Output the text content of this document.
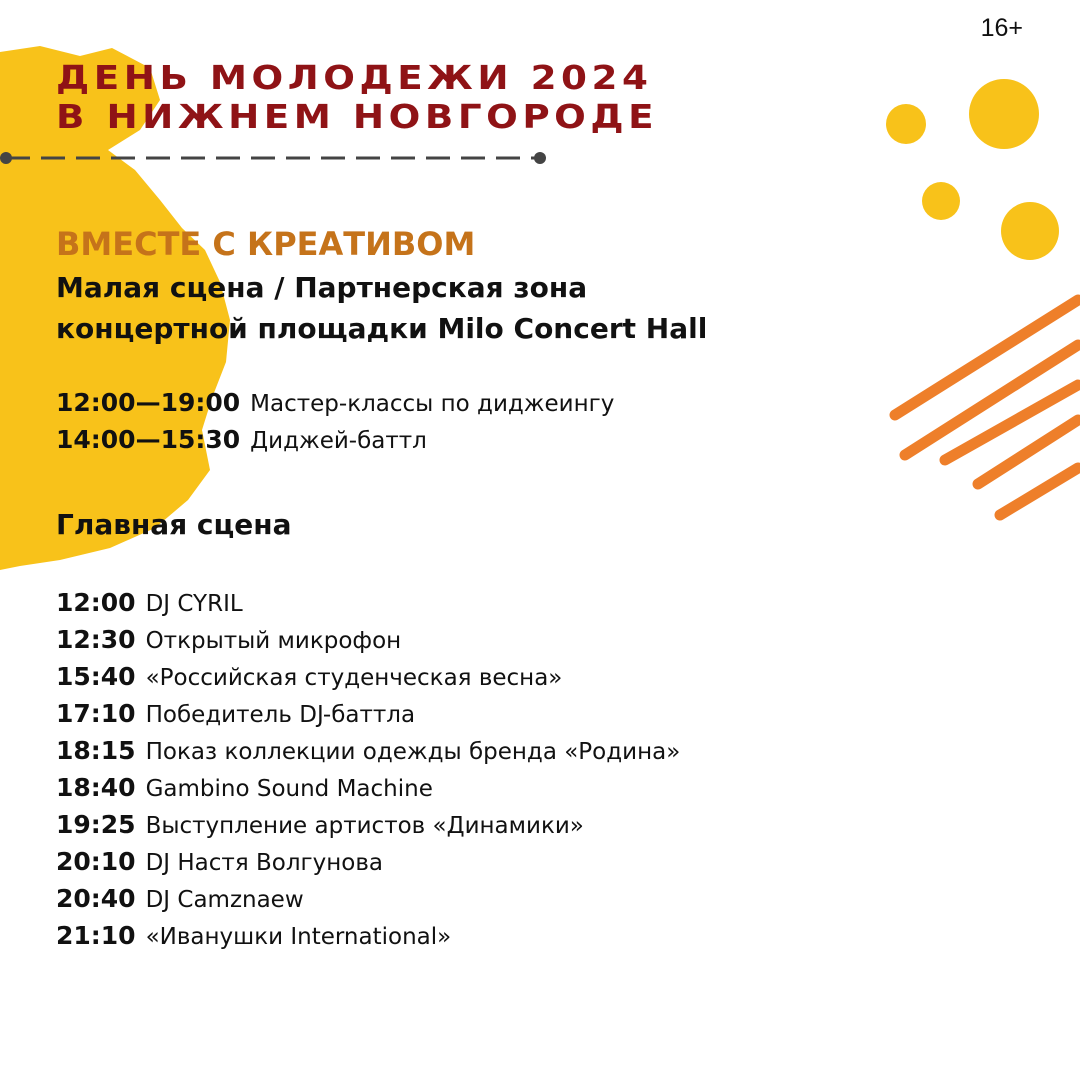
16+
ДЕНЬ МОЛОДЕЖИ 2024
В НИЖНЕМ НОВГОРОДЕ
ВМЕСТЕ С КРЕАТИВОМ
Малая сцена / Партнерская зона
концертной площадки Milo Concert Hall
12:00—19:00 Мастер-классы по диджеингу
14:00—15:30 Диджей-баттл
Главная сцена
12:00 DJ CYRIL
12:30 Открытый микрофон
15:40 «Российская студенческая весна»
17:10 Победитель DJ-баттла
18:15 Показ коллекции одежды бренда «Родина»
18:40 Gambino Sound Machine
19:25 Выступление артистов «Динамики»
20:10 DJ Настя Волгунова
20:40 DJ Camznaew
21:10 «Иванушки International»
